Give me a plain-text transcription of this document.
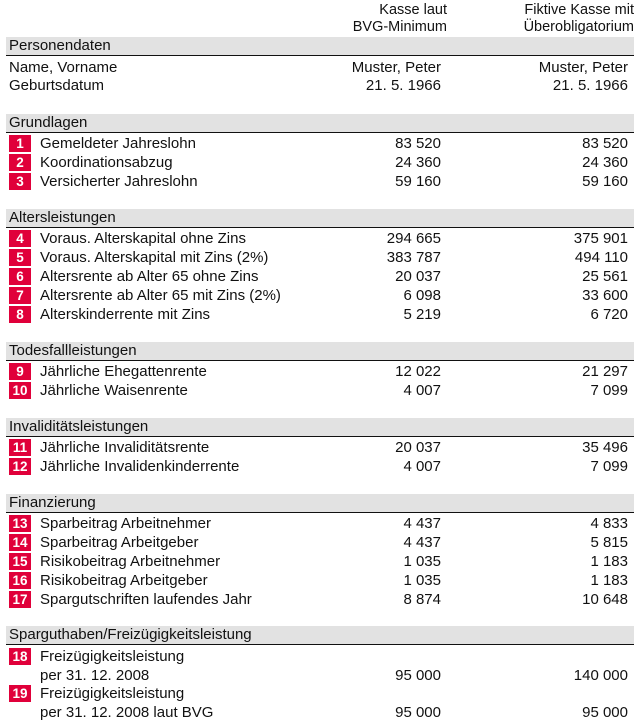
Kasse laut
BVG-Minimum
Fiktive Kasse mit
Überobligatorium
Personendaten
Name, Vorname	Muster, Peter	Muster, Peter
Geburtsdatum	21. 5. 1966	21. 5. 1966
Grundlagen
1	Gemeldeter Jahreslohn	83 520	83 520
2	Koordinationsabzug	24 360	24 360
3	Versicherter Jahreslohn	59 160	59 160
Altersleistungen
4	Voraus. Alterskapital ohne Zins	294 665	375 901
5	Voraus. Alterskapital mit Zins (2%)	383 787	494 110
6	Altersrente ab Alter 65 ohne Zins	20 037	25 561
7	Altersrente ab Alter 65 mit Zins (2%)	6 098	33 600
8	Alterskinderrente mit Zins	5 219	6 720
Todesfallleistungen
9	Jährliche Ehegattenrente	12 022	21 297
10 Jährliche Waisenrente	4 007	7 099
Invaliditätsleistungen
11 Jährliche Invaliditätsrente	20 037	35 496
12 Jährliche Invalidenkinderrente	4 007	7 099
Finanzierung
13 Sparbeitrag Arbeitnehmer	4 437	4 833
14 Sparbeitrag Arbeitgeber	4 437	5 815
15 Risikobeitrag Arbeitnehmer	1 035	1 183
16 Risikobeitrag Arbeitgeber	1 035	1 183
17 Spargutschriften laufendes Jahr	8 874	10 648
Sparguthaben/Freizügigkeitsleistung
18 Freizügigkeitsleistung
per 31. 12. 2008	95 000	140 000
19 Freizügigkeitsleistung
per 31. 12. 2008 laut BVG	95 000	95 000
